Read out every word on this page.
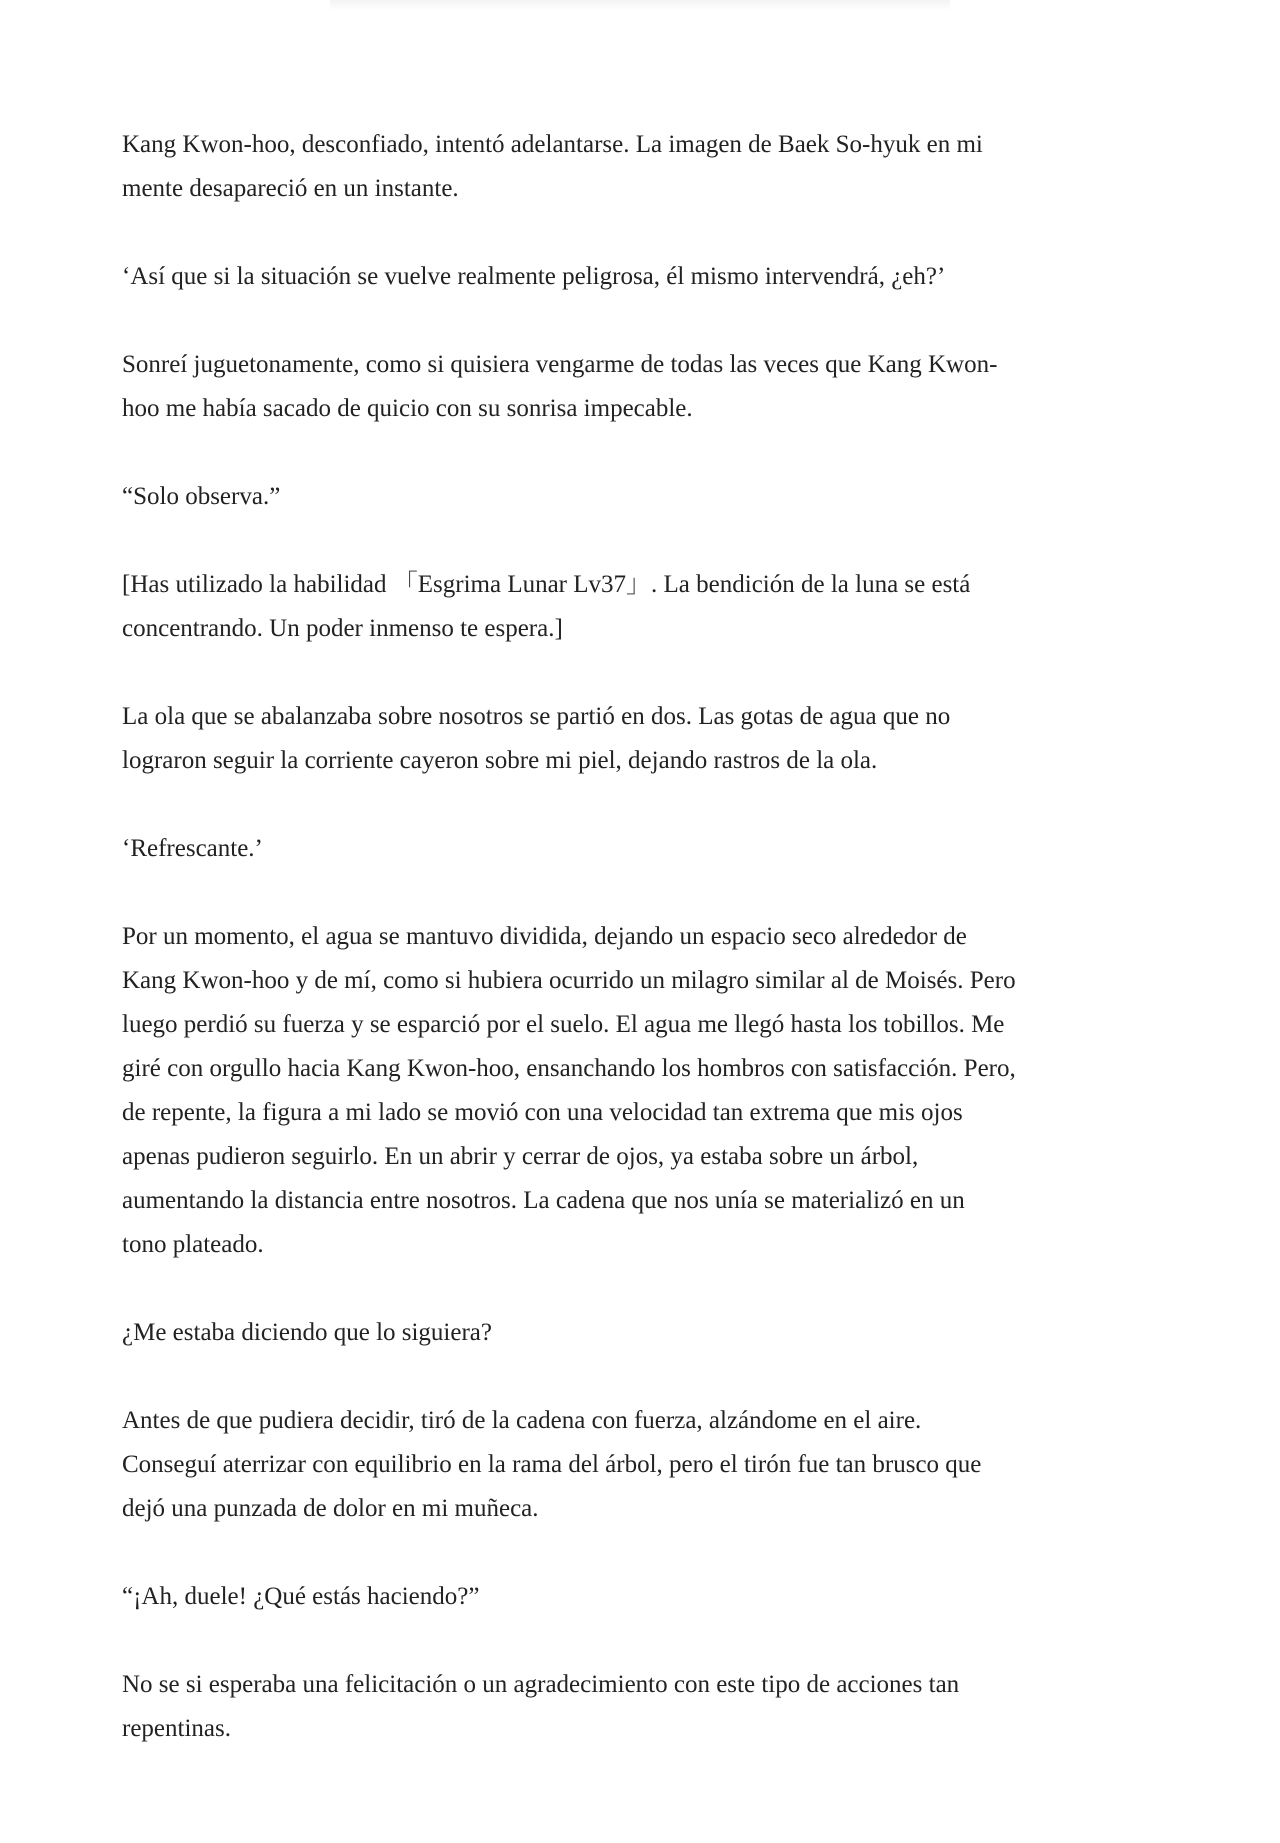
Kang Kwon-hoo, desconfiado, intentó adelantarse. La imagen de Baek So-hyuk en mi
mente desapareció en un instante.

‘Así que si la situación se vuelve realmente peligrosa, él mismo intervendrá, ¿eh?’

Sonreí juguetonamente, como si quisiera vengarme de todas las veces que Kang Kwon-
hoo me había sacado de quicio con su sonrisa impecable.

“Solo observa.”

[Has utilizado la habilidad 「Esgrima Lunar Lv37」. La bendición de la luna se está
concentrando. Un poder inmenso te espera.]

La ola que se abalanzaba sobre nosotros se partió en dos. Las gotas de agua que no
lograron seguir la corriente cayeron sobre mi piel, dejando rastros de la ola.

‘Refrescante.’

Por un momento, el agua se mantuvo dividida, dejando un espacio seco alrededor de
Kang Kwon-hoo y de mí, como si hubiera ocurrido un milagro similar al de Moisés. Pero
luego perdió su fuerza y se esparció por el suelo. El agua me llegó hasta los tobillos. Me
giré con orgullo hacia Kang Kwon-hoo, ensanchando los hombros con satisfacción. Pero,
de repente, la figura a mi lado se movió con una velocidad tan extrema que mis ojos
apenas pudieron seguirlo. En un abrir y cerrar de ojos, ya estaba sobre un árbol,
aumentando la distancia entre nosotros. La cadena que nos unía se materializó en un
tono plateado.

¿Me estaba diciendo que lo siguiera?

Antes de que pudiera decidir, tiró de la cadena con fuerza, alzándome en el aire.
Conseguí aterrizar con equilibrio en la rama del árbol, pero el tirón fue tan brusco que
dejó una punzada de dolor en mi muñeca.

“¡Ah, duele! ¿Qué estás haciendo?”

No se si esperaba una felicitación o un agradecimiento con este tipo de acciones tan
repentinas.
